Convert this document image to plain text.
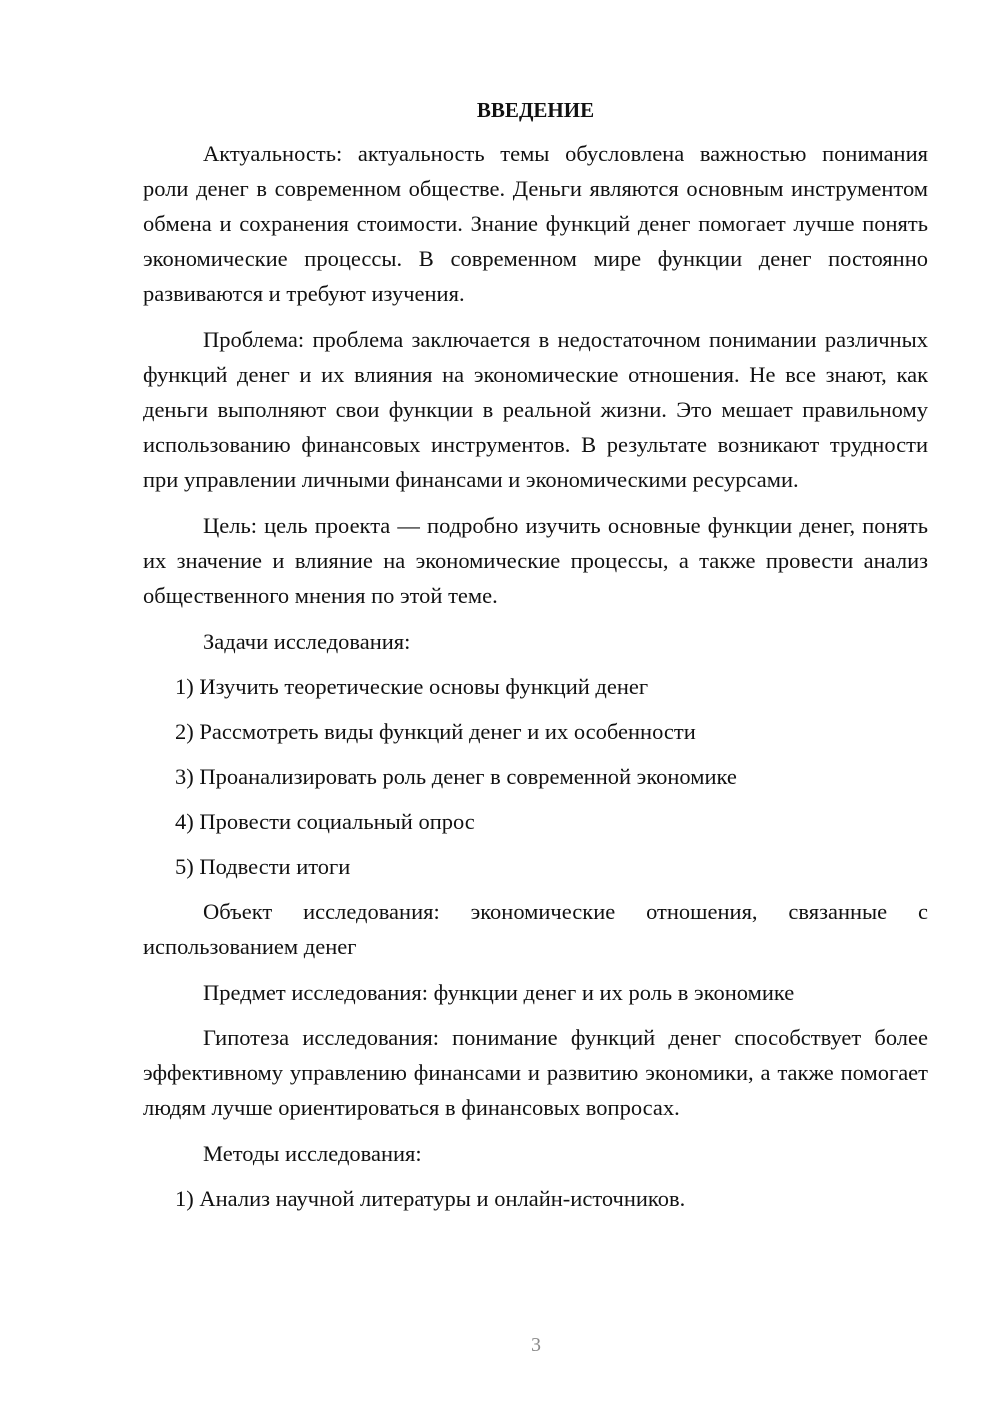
ВВЕДЕНИЕ

Актуальность: актуальность темы обусловлена важностью понимания роли денег в современном обществе. Деньги являются основным инструментом обмена и сохранения стоимости. Знание функций денег помогает лучше понять экономические процессы. В современном мире функции денег постоянно развиваются и требуют изучения.

Проблема: проблема заключается в недостаточном понимании различных функций денег и их влияния на экономические отношения. Не все знают, как деньги выполняют свои функции в реальной жизни. Это мешает правильному использованию финансовых инструментов. В результате возникают трудности при управлении личными финансами и экономическими ресурсами.

Цель: цель проекта — подробно изучить основные функции денег, понять их значение и влияние на экономические процессы, а также провести анализ общественного мнения по этой теме.

Задачи исследования:

1) Изучить теоретические основы функций денег

2) Рассмотреть виды функций денег и их особенности

3) Проанализировать роль денег в современной экономике

4) Провести социальный опрос

5) Подвести итоги

Объект исследования: экономические отношения, связанные с использованием денег

Предмет исследования: функции денег и их роль в экономике

Гипотеза исследования: понимание функций денег способствует более эффективному управлению финансами и развитию экономики, а также помогает людям лучше ориентироваться в финансовых вопросах.

Методы исследования:

1) Анализ научной литературы и онлайн-источников.

3
